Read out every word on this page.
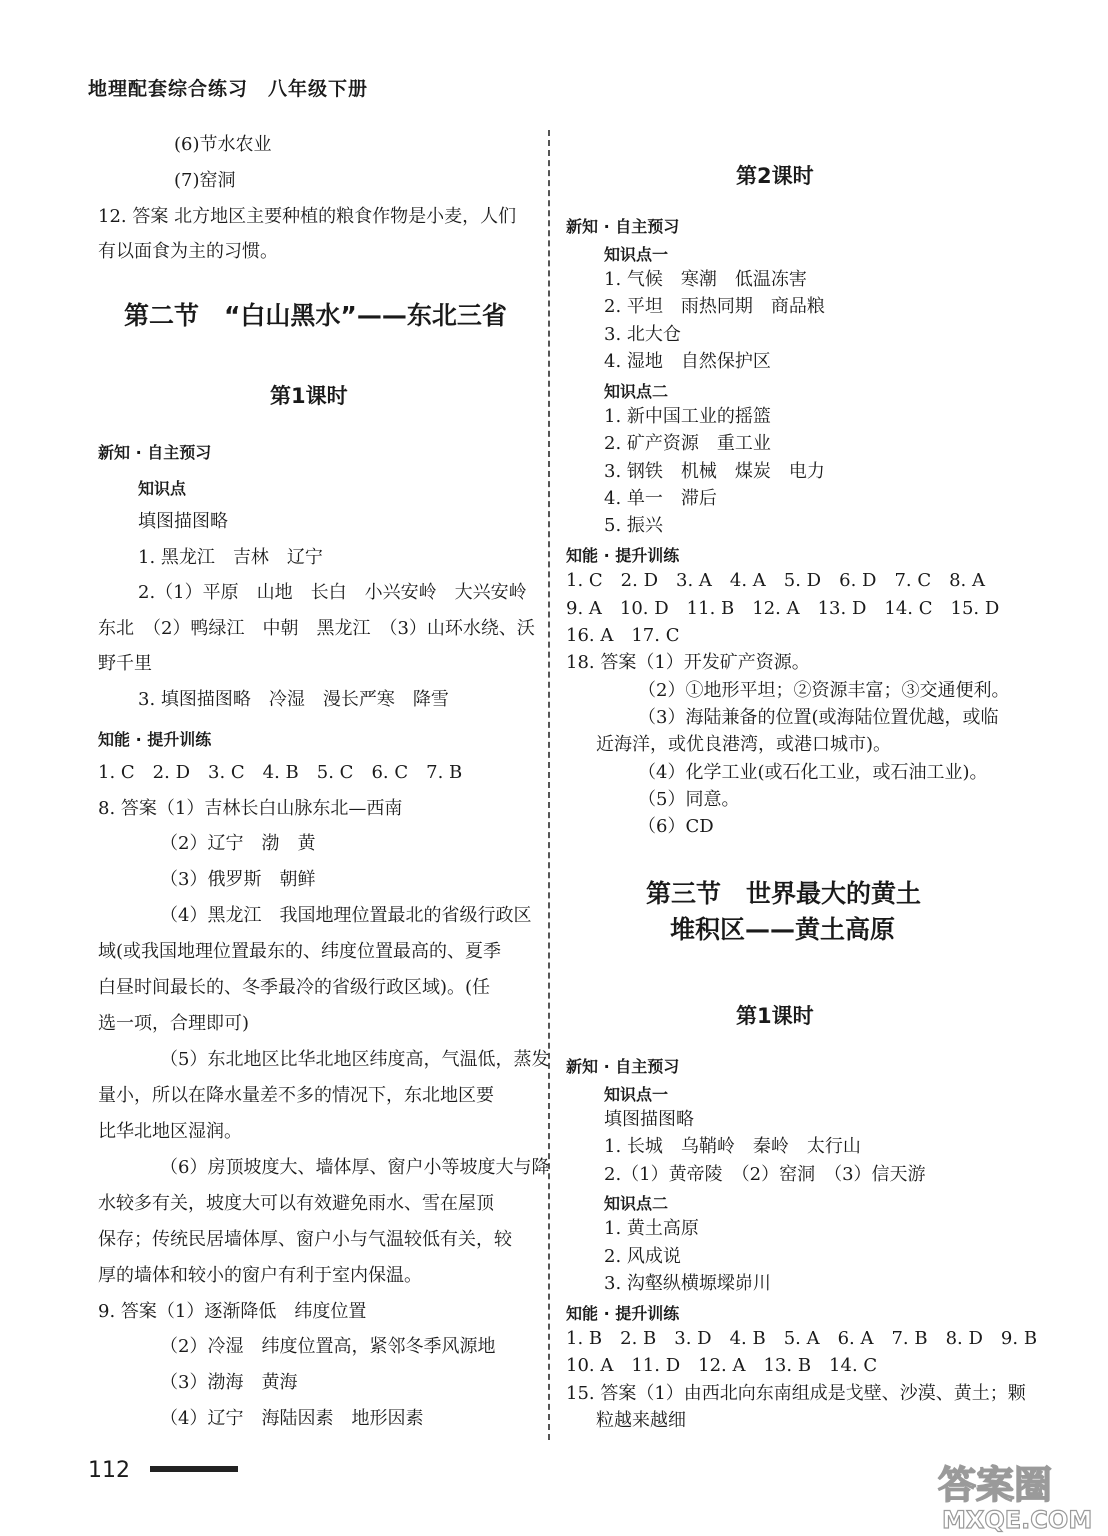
地理配套综合练习　八年级下册
第二节　“白山黑水”——东北三省
第1课时
新知 · 自主预习
知识点
知能 · 提升训练
(6)节水农业
(7)窑洞
12. 答案 北方地区主要种植的粮食作物是小麦，人们
有以面食为主的习惯。
填图描图略
1. 黑龙江　吉林　辽宁
2.（1）平原　山地　长白　小兴安岭　大兴安岭
东北　（2）鸭绿江　中朝　黑龙江　（3）山环水绕、沃
野千里
3. 填图描图略　冷湿　漫长严寒　降雪
1. C　2. D　3. C　4. B　5. C　6. C　7. B
8. 答案（1）吉林长白山脉东北—西南
（2）辽宁　渤　黄
（3）俄罗斯　朝鲜
（4）黑龙江　我国地理位置最北的省级行政区
域(或我国地理位置最东的、纬度位置最高的、夏季
白昼时间最长的、冬季最冷的省级行政区域)。(任
选一项，合理即可)
（5）东北地区比华北地区纬度高，气温低，蒸发
量小，所以在降水量差不多的情况下，东北地区要
比华北地区湿润。
（6）房顶坡度大、墙体厚、窗户小等坡度大与降
水较多有关，坡度大可以有效避免雨水、雪在屋顶
保存；传统民居墙体厚、窗户小与气温较低有关，较
厚的墙体和较小的窗户有利于室内保温。
9. 答案（1）逐渐降低　纬度位置
（2）冷湿　纬度位置高，紧邻冬季风源地
（3）渤海　黄海
（4）辽宁　海陆因素　地形因素
第2课时
新知 · 自主预习
知识点一
知识点二
知能 · 提升训练
第三节　世界最大的黄土
堆积区——黄土高原
第1课时
新知 · 自主预习
知识点一
知识点二
知能 · 提升训练
1. 气候　寒潮　低温冻害
2. 平坦　雨热同期　商品粮
3. 北大仓
4. 湿地　自然保护区
1. 新中国工业的摇篮
2. 矿产资源　重工业
3. 钢铁　机械　煤炭　电力
4. 单一　滞后
5. 振兴
1. C　2. D　3. A　4. A　5. D　6. D　7. C　8. A
9. A　10. D　11. B　12. A　13. D　14. C　15. D
16. A　17. C
18. 答案（1）开发矿产资源。
（2）①地形平坦；②资源丰富；③交通便利。
（3）海陆兼备的位置(或海陆位置优越，或临
近海洋，或优良港湾，或港口城市)。
（4）化学工业(或石化工业，或石油工业)。
（5）同意。
（6）CD
填图描图略
1. 长城　乌鞘岭　秦岭　太行山
2.（1）黄帝陵　（2）窑洞　（3）信天游
1. 黄土高原
2. 风成说
3. 沟壑纵横塬墚峁川
1. B　2. B　3. D　4. B　5. A　6. A　7. B　8. D　9. B
10. A　11. D　12. A　13. B　14. C
15. 答案（1）由西北向东南组成是戈壁、沙漠、黄土；颗
粒越来越细
112	答案圈
MXQE.COM
